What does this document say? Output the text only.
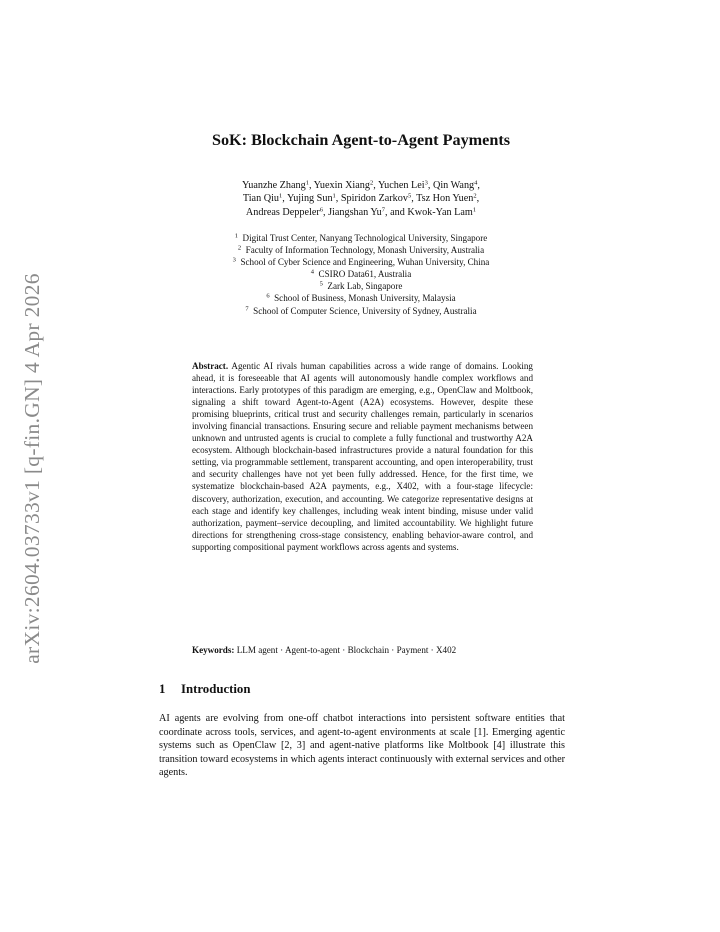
arXiv:2604.03733v1 [q-fin.GN] 4 Apr 2026
SoK: Blockchain Agent-to-Agent Payments
Yuanzhe Zhang$^1$, Yuexin Xiang$^2$, Yuchen Lei$^3$, Qin Wang$^4$,
Tian Qiu$^1$, Yujing Sun$^1$, Spiridon Zarkov$^5$, Tsz Hon Yuen$^2$,
Andreas Deppeler$^6$, Jiangshan Yu$^7$, and Kwok-Yan Lam$^1$
$^1$  Digital Trust Center, Nanyang Technological University, Singapore
$^2$  Faculty of Information Technology, Monash University, Australia
$^3$  School of Cyber Science and Engineering, Wuhan University, China
$^4$  CSIRO Data61, Australia
$^5$  Zark Lab, Singapore
$^6$  School of Business, Monash University, Malaysia
$^7$  School of Computer Science, University of Sydney, Australia
Abstract. Agentic AI rivals human capabilities across a wide range of domains. Looking ahead, it is foreseeable that AI agents will autonomously handle complex workflows and interactions. Early prototypes of this paradigm are emerging, e.g., OpenClaw and Moltbook, signaling a shift toward Agent-to-Agent (A2A) ecosystems. However, despite these promising blueprints, critical trust and security challenges remain, particularly in scenarios involving financial transactions. Ensuring secure and reliable payment mechanisms between unknown and untrusted agents is crucial to complete a fully functional and trustworthy A2A ecosystem. Although blockchain-based infrastructures provide a natural foundation for this setting, via programmable settlement, transparent accounting, and open interoperability, trust and security challenges have not yet been fully addressed. Hence, for the first time, we systematize blockchain-based A2A payments, e.g., X402, with a four-stage lifecycle: discovery, authorization, execution, and accounting. We categorize representative designs at each stage and identify key challenges, including weak intent binding, misuse under valid authorization, payment–service decoupling, and limited accountability. We highlight future directions for strengthening cross-stage consistency, enabling behavior-aware control, and supporting compositional payment workflows across agents and systems.
Keywords: LLM agent · Agent-to-agent · Blockchain · Payment · X402
1 Introduction
AI agents are evolving from one-off chatbot interactions into persistent software entities that coordinate across tools, services, and agent-to-agent environments at scale [1]. Emerging agentic systems such as OpenClaw [2, 3] and agent-native platforms like Moltbook [4] illustrate this transition toward ecosystems in which agents interact continuously with external services and other agents.
